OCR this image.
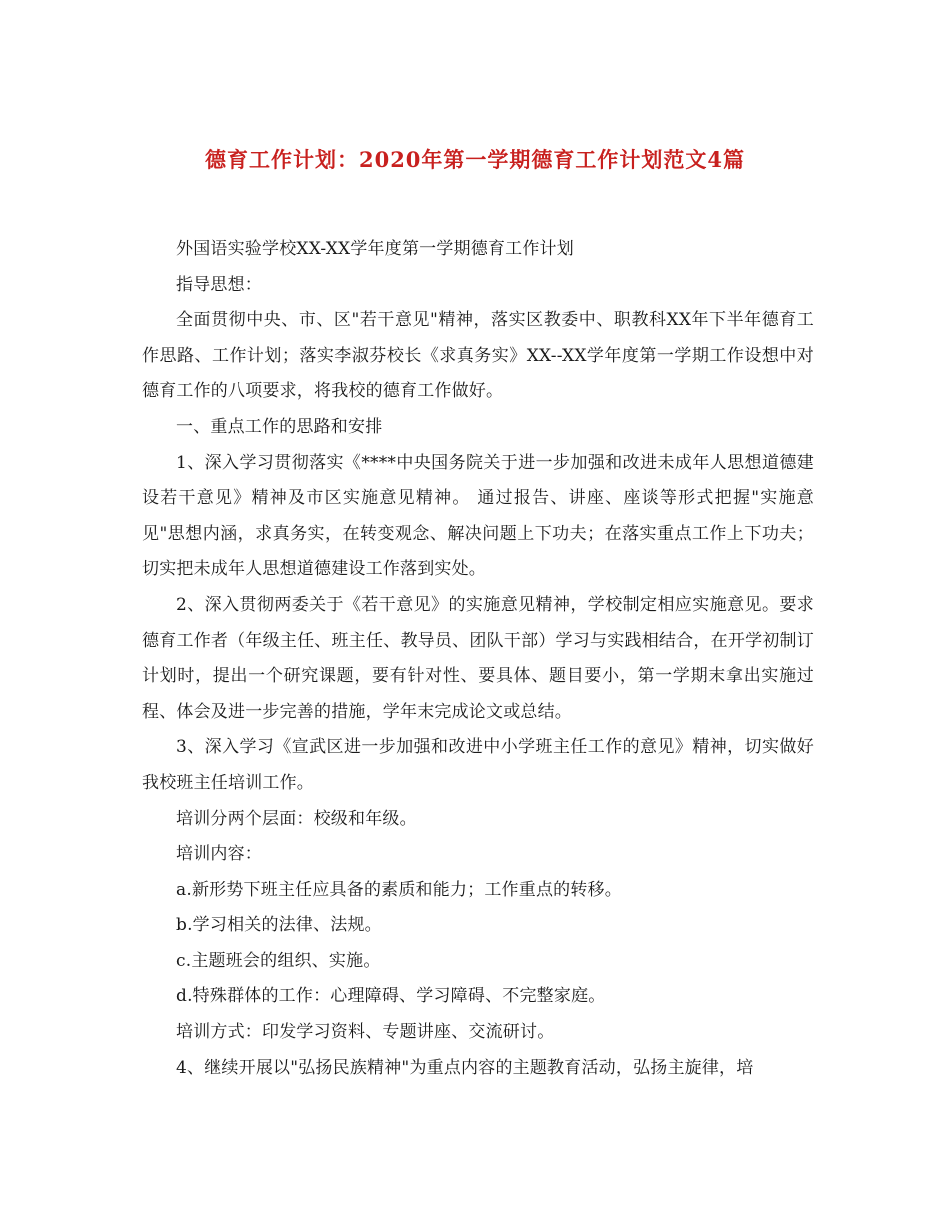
德育工作计划：2020年第一学期德育工作计划范文4篇

外国语实验学校XX-XX学年度第一学期德育工作计划

指导思想：

全面贯彻中央、市、区"若干意见"精神，落实区教委中、职教科XX年下半年德育工作思路、工作计划；落实李淑芬校长《求真务实》XX--XX学年度第一学期工作设想中对德育工作的八项要求，将我校的德育工作做好。

一、重点工作的思路和安排

1、深入学习贯彻落实《****中央国务院关于进一步加强和改进未成年人思想道德建设若干意见》精神及市区实施意见精神。 通过报告、讲座、座谈等形式把握"实施意见"思想内涵，求真务实，在转变观念、解决问题上下功夫；在落实重点工作上下功夫；切实把未成年人思想道德建设工作落到实处。

2、深入贯彻两委关于《若干意见》的实施意见精神，学校制定相应实施意见。要求德育工作者（年级主任、班主任、教导员、团队干部）学习与实践相结合，在开学初制订计划时，提出一个研究课题，要有针对性、要具体、题目要小，第一学期末拿出实施过程、体会及进一步完善的措施，学年末完成论文或总结。

3、深入学习《宣武区进一步加强和改进中小学班主任工作的意见》精神，切实做好我校班主任培训工作。

培训分两个层面：校级和年级。

培训内容：

a.新形势下班主任应具备的素质和能力；工作重点的转移。

b.学习相关的法律、法规。

c.主题班会的组织、实施。

d.特殊群体的工作：心理障碍、学习障碍、不完整家庭。

培训方式：印发学习资料、专题讲座、交流研讨。

4、继续开展以"弘扬民族精神"为重点内容的主题教育活动，弘扬主旋律，培
